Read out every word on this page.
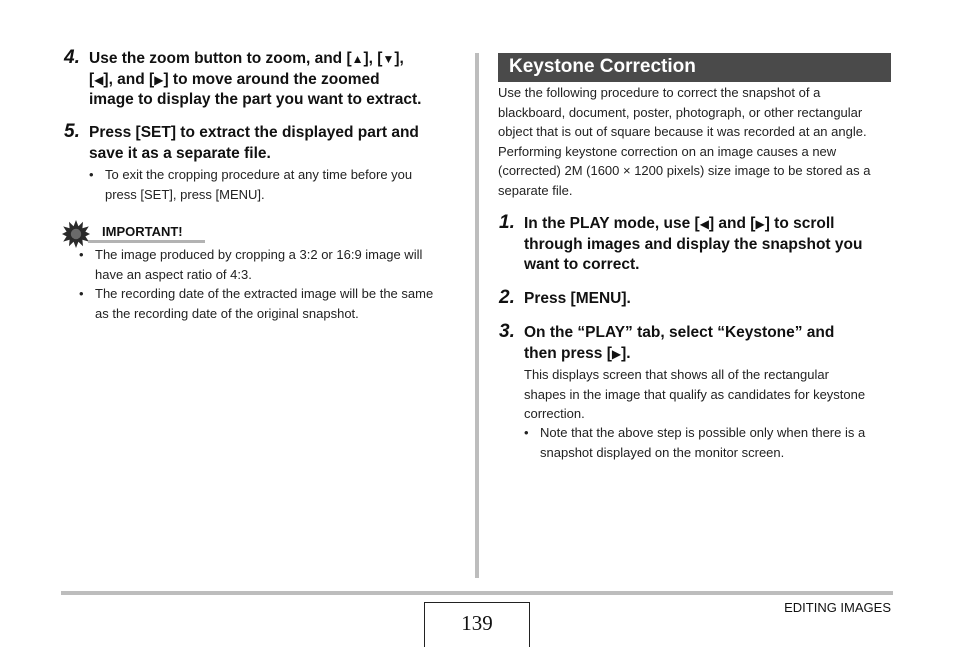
4. Use the zoom button to zoom, and [▲], [▼],
[◀], and [▶] to move around the zoomed
image to display the part you want to extract.
5. Press [SET] to extract the displayed part and
save it as a separate file.
• To exit the cropping procedure at any time before you
press [SET], press [MENU].
IMPORTANT!
• The image produced by cropping a 3:2 or 16:9 image will
have an aspect ratio of 4:3.
• The recording date of the extracted image will be the same
as the recording date of the original snapshot.
Keystone Correction
Use the following procedure to correct the snapshot of a
blackboard, document, poster, photograph, or other rectangular
object that is out of square because it was recorded at an angle.
Performing keystone correction on an image causes a new
(corrected) 2M (1600 × 1200 pixels) size image to be stored as a
separate file.
1. In the PLAY mode, use [◀] and [▶] to scroll
through images and display the snapshot you
want to correct.
2. Press [MENU].
3. On the “PLAY” tab, select “Keystone” and
then press [▶].
This displays screen that shows all of the rectangular
shapes in the image that qualify as candidates for keystone
correction.
• Note that the above step is possible only when there is a
snapshot displayed on the monitor screen.
139
EDITING IMAGES
